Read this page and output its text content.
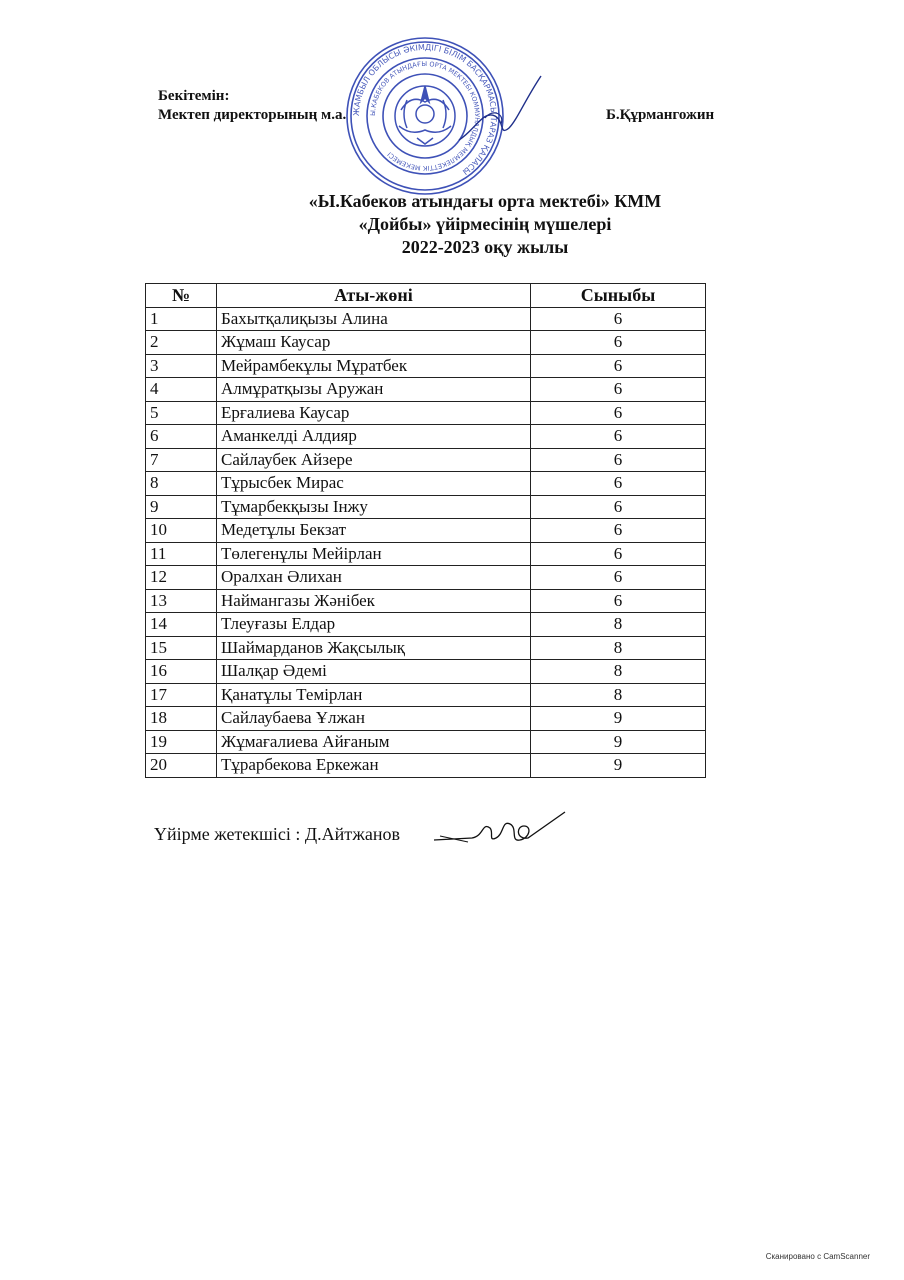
Бекітемін:
Мектеп директорының м.а.	Б.Құрмангожин
ЖАМБЫЛ ОБЛЫСЫ ӘКІМДІГІ БІЛІМ БАСҚАРМАСЫ ТАРАЗ ҚАЛАСЫ
Ы.КАБЕКОВ АТЫНДАҒЫ ОРТА МЕКТЕБІ КОММУНАЛДЫҚ МЕМЛЕКЕТТІК МЕКЕМЕСІ
«Ы.Кабеков атындағы орта мектебі» КММ
«Дойбы» үйірмесінің мүшелері
2022-2023 оқу жылы
№	Аты-жөні	Сыныбы
1	Бахытқалиқызы Алина	6
2	Жұмаш Каусар	6
3	Мейрамбекұлы Мұратбек	6
4	Алмұратқызы Аружан	6
5	Ерғалиева Каусар	6
6	Аманкелді Алдияр	6
7	Сайлаубек Айзере	6
8	Тұрысбек Мирас	6
9	Тұмарбекқызы Інжу	6
10	Медетұлы Бекзат	6
11	Төлегенұлы Мейірлан	6
12	Оралхан Әлихан	6
13	Наймангазы Жәнібек	6
14	Тлеуғазы Елдар	8
15	Шаймарданов Жақсылық	8
16	Шалқар Әдемі	8
17	Қанатұлы Темірлан	8
18	Сайлаубаева Ұлжан	9
19	Жұмағалиева Айғаным	9
20	Тұрарбекова Еркежан	9
Үйірме жетекшісі : Д.Айтжанов
Сканировано с CamScanner
